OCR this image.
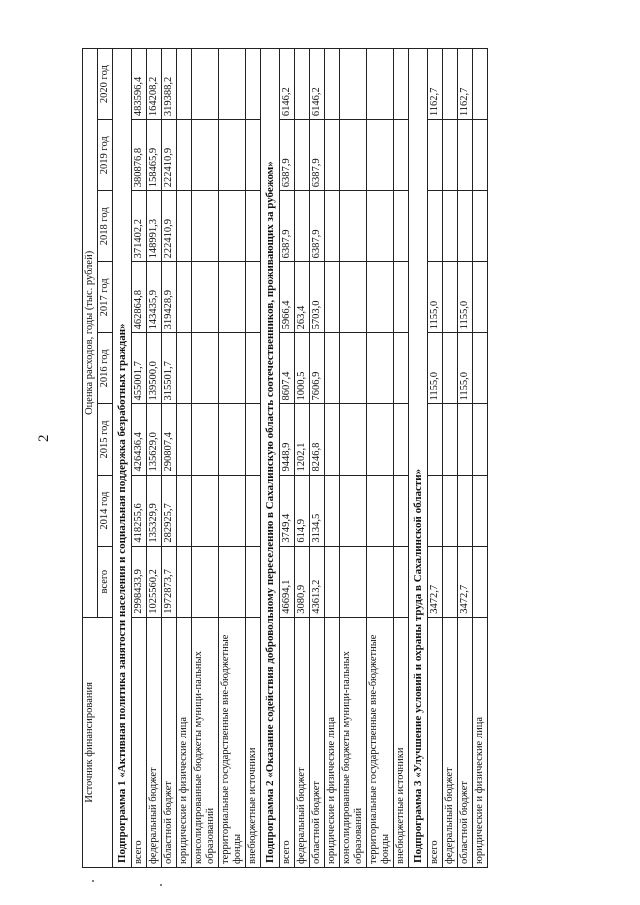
2
Источник финансирования	Оценка расходов, годы (тыс. рублей)							
	всего	2014 год	2015 год	2016 год	2017 год	2018 год	2019 год	2020 год
Подпрограмма 1 «Активная политика занятости населения и социальная поддержка безработных граждан»								
всего	2998433,9	418255,6	426436,4	455001,7	462864,8	371402,2	380876,8	483596,4
федеральный бюджет	1025560,2	135329,9	135629,0	139500,0	143435,9	148991,3	158465,9	164208,2
областной бюджет	1972873,7	282925,7	290807,4	315501,7	319428,9	222410,9	222410,9	319388,2
юридические и физические лица								
консолидированные бюджеты муници-пальных образований								
территориальные государственные вне-бюджетные фонды								
внебюджетные источники								
Подпрограмма 2 «Оказание содействия добровольному переселению в Сахалинскую область соотечественников, проживающих за рубежом»								
всего	46694,1	3749,4	9448,9	8607,4	5966,4	6387,9	6387,9	6146,2
федеральный бюджет	3080,9	614,9	1202,1	1000,5	263,4			
областной бюджет	43613,2	3134,5	8246,8	7606,9	5703,0	6387,9	6387,9	6146,2
юридические и физические лица								
консолидированные бюджеты муници-пальных образований								
территориальные государственные вне-бюджетные фонды								
внебюджетные источники								
Подпрограмма 3 «Улучшение условий и охраны труда в Сахалинской области»								
всего	3472,7			1155,0	1155,0			1162,7
федеральный бюджет								
областной бюджет	3472,7			1155,0	1155,0			1162,7
юридические и физические лица								
